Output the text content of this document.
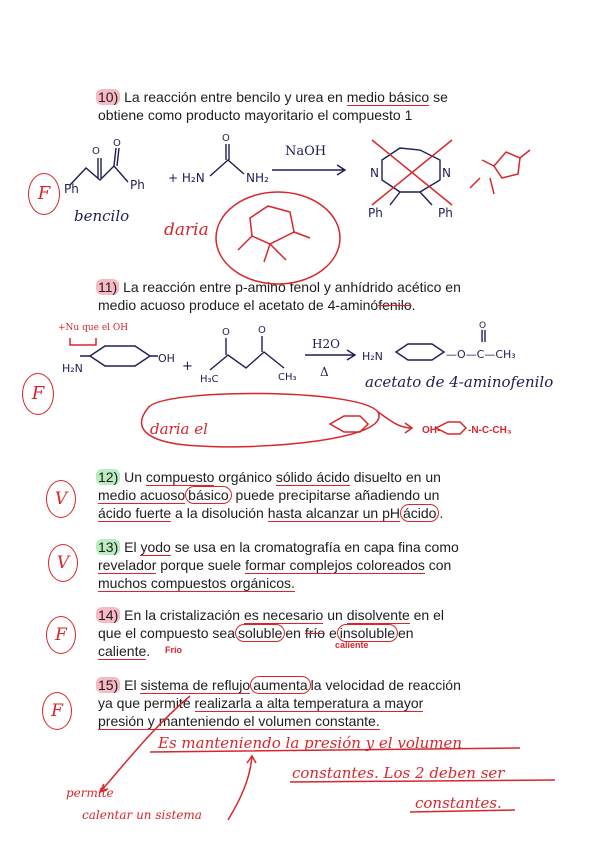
10) La reacción entre bencilo y urea en medio básico se
obtiene como producto mayoritario el compuesto 1
11) La reacción entre p-amino fenol y anhídrido acético en
medio acuoso produce el acetato de 4-aminófenilo.
12) Un compuesto orgánico sólido ácido disuelto en un
medio acuoso básico puede precipitarse añadiendo un
ácido fuerte a la disolución hasta alcanzar un pH ácido .
13) El yodo se usa en la cromatografía en capa fina como
revelador porque suele formar complejos coloreados con
muchos compuestos orgánicos.
14) En la cristalización es necesario un disolvente en el
que el compuesto sea soluble en frío e insoluble en
caliente.	Frío	caliente
15) El sistema de reflujo aumenta la velocidad de reacción
ya que permite realizarla a alta temperatura a mayor
presión y manteniendo el volumen constante.
Es manteniendo la presión y el volumen
constantes. Los 2 deben ser
constantes.
permite
calentar un sistema
F
F
V
V
F
F
bencilo
daria
NaOH
+Nu que el OH
acetato de 4-aminofenilo
daria el
H2O
Δ
O
O
Ph	Ph + H₂N
O
NH₂	N	N
Ph	Ph
H₂N
OH
+
O	O
H₃C	CH₃
H₂N	—O—C—CH₃
O
OH-	-N-C-CH₃
